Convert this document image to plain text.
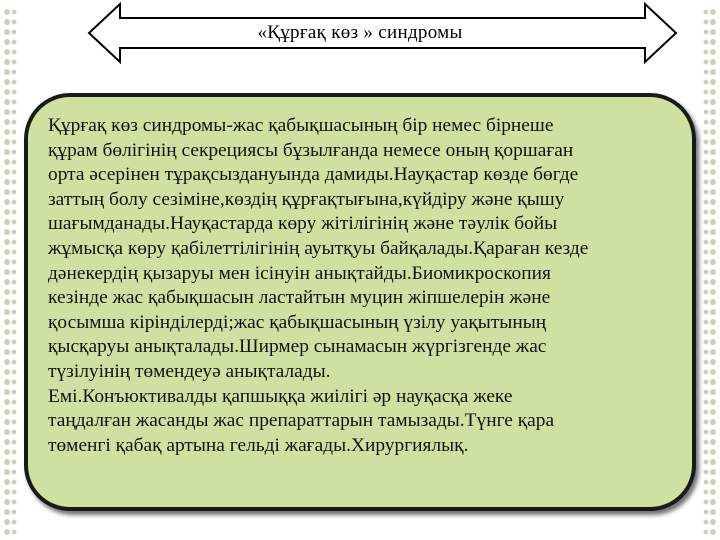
«Құрғақ көз » синдромы
Құрғақ көз синдромы-жас қабықшасының бір немес бірнеше
құрам бөлігінің секрециясы бұзылғанда немесе оның қоршаған
орта әсерінен тұрақсыздануында дамиды.Науқастар көзде бөгде
заттың болу сезіміне,көздің құрғақтығына,күйдіру және қышу
шағымданады.Науқастарда көру жітілігінің және тәулік бойы
жұмысқа көру қабілеттілігінің ауытқуы байқалады.Қараған кезде
дәнекердің қызаруы мен ісінуін анықтайды.Биомикроскопия
кезінде жас қабықшасын ластайтын муцин жіпшелерін және
қосымша кірінділерді;жас қабықшасының үзілу уақытының
қысқаруы анықталады.Ширмер сынамасын жүргізгенде жас
түзілуінің төмендеуә анықталады.
Емі.Конъюктивалды қапшыққа жиілігі әр науқасқа жеке
таңдалған жасанды жас препараттарын тамызады.Түнге қара
төменгі қабақ артына гельді жағады.Хирургиялық.
